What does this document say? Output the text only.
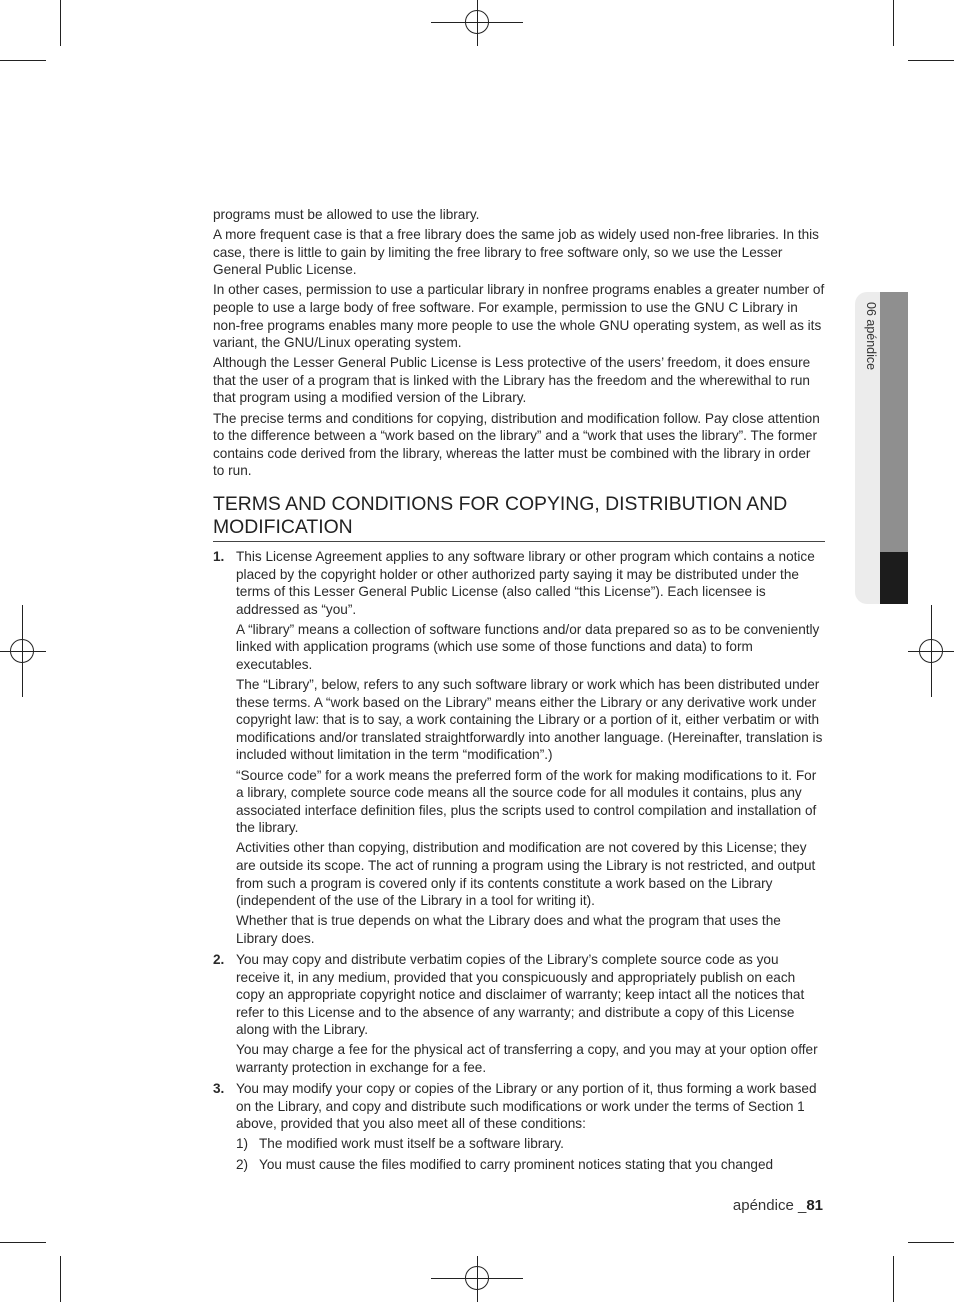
06 apéndice

programs must be allowed to use the library.

A more frequent case is that a free library does the same job as widely used non-free libraries. In this case, there is little to gain by limiting the free library to free software only, so we use the Lesser General Public License.

In other cases, permission to use a particular library in nonfree programs enables a greater number of people to use a large body of free software. For example, permission to use the GNU C Library in non-free programs enables many more people to use the whole GNU operating system, as well as its variant, the GNU/Linux operating system.

Although the Lesser General Public License is Less protective of the users’ freedom, it does ensure that the user of a program that is linked with the Library has the freedom and the wherewithal to run that program using a modified version of the Library.

The precise terms and conditions for copying, distribution and modification follow. Pay close attention to the difference between a “work based on the library” and a “work that uses the library”. The former contains code derived from the library, whereas the latter must be combined with the library in order to run.

TERMS AND CONDITIONS FOR COPYING, DISTRIBUTION AND MODIFICATION
1. This License Agreement applies to any software library or other program which contains a notice placed by the copyright holder or other authorized party saying it may be distributed under the terms of this Lesser General Public License (also called “this License”). Each licensee is addressed as “you”.

A “library” means a collection of software functions and/or data prepared so as to be conveniently linked with application programs (which use some of those functions and data) to form executables.

The “Library”, below, refers to any such software library or work which has been distributed under these terms. A “work based on the Library” means either the Library or any derivative work under copyright law: that is to say, a work containing the Library or a portion of it, either verbatim or with modifications and/or translated straightforwardly into another language. (Hereinafter, translation is included without limitation in the term “modification”.)

“Source code” for a work means the preferred form of the work for making modifications to it. For a library, complete source code means all the source code for all modules it contains, plus any associated interface definition files, plus the scripts used to control compilation and installation of the library.

Activities other than copying, distribution and modification are not covered by this License; they are outside its scope. The act of running a program using the Library is not restricted, and output from such a program is covered only if its contents constitute a work based on the Library (independent of the use of the Library in a tool for writing it).

Whether that is true depends on what the Library does and what the program that uses the Library does.

2. You may copy and distribute verbatim copies of the Library’s complete source code as you receive it, in any medium, provided that you conspicuously and appropriately publish on each copy an appropriate copyright notice and disclaimer of warranty; keep intact all the notices that refer to this License and to the absence of any warranty; and distribute a copy of this License along with the Library.

You may charge a fee for the physical act of transferring a copy, and you may at your option offer warranty protection in exchange for a fee.

3. You may modify your copy or copies of the Library or any portion of it, thus forming a work based on the Library, and copy and distribute such modifications or work under the terms of Section 1 above, provided that you also meet all of these conditions:

1) The modified work must itself be a software library.
2) You must cause the files modified to carry prominent notices stating that you changed
apéndice _81
